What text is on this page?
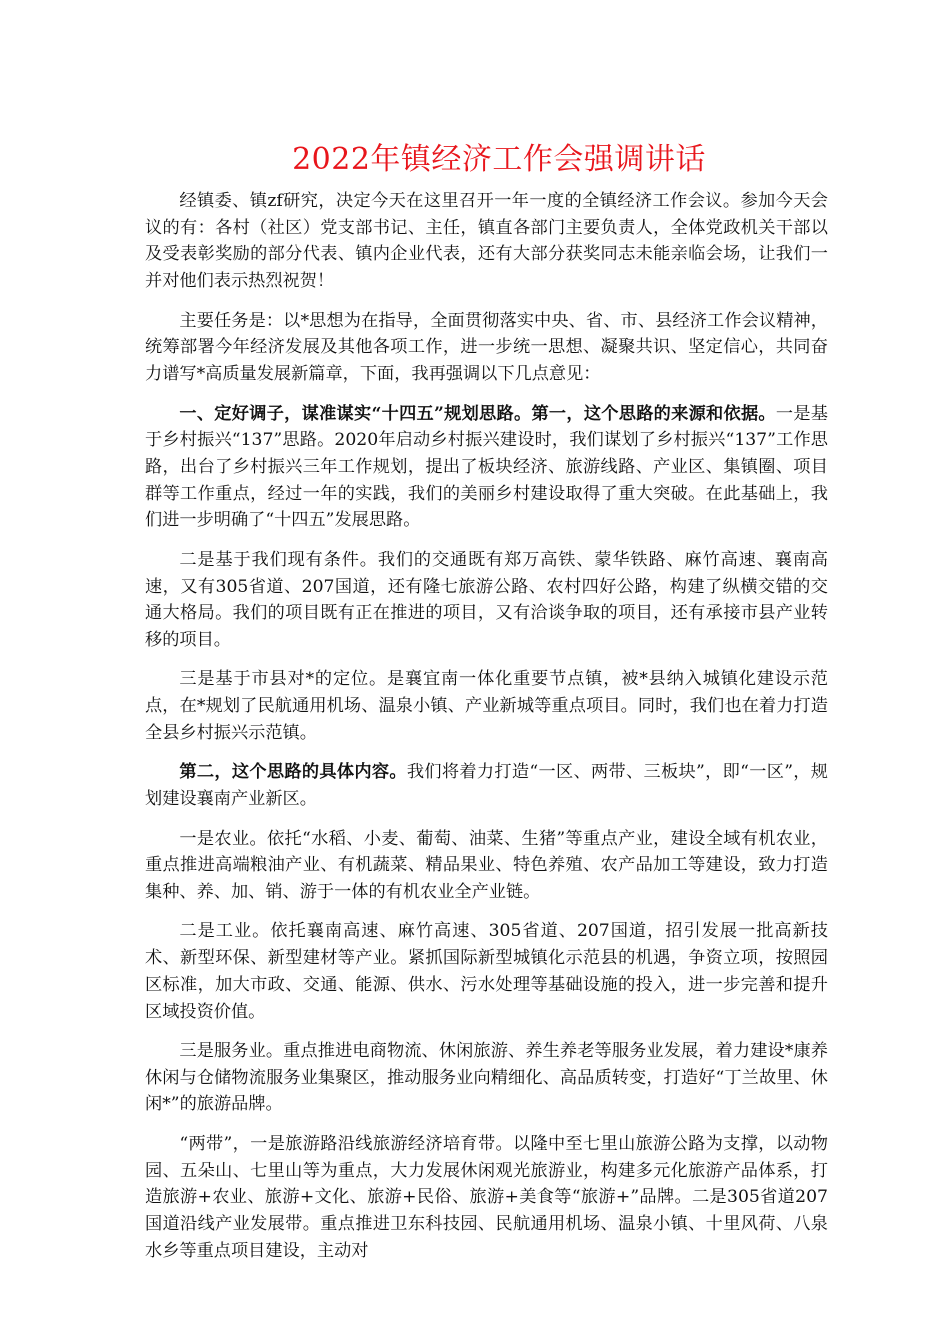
2022年镇经济工作会强调讲话

经镇委、镇zf研究，决定今天在这里召开一年一度的全镇经济工作会议。参加今天会议的有：各村（社区）党支部书记、主任，镇直各部门主要负责人，全体党政机关干部以及受表彰奖励的部分代表、镇内企业代表，还有大部分获奖同志未能亲临会场，让我们一并对他们表示热烈祝贺！

主要任务是：以*思想为在指导，全面贯彻落实中央、省、市、县经济工作会议精神，统筹部署今年经济发展及其他各项工作，进一步统一思想、凝聚共识、坚定信心，共同奋力谱写*高质量发展新篇章，下面，我再强调以下几点意见：

一、定好调子，谋准谋实“十四五”规划思路。第一，这个思路的来源和依据。一是基于乡村振兴“137”思路。2020年启动乡村振兴建设时，我们谋划了乡村振兴“137”工作思路，出台了乡村振兴三年工作规划，提出了板块经济、旅游线路、产业区、集镇圈、项目群等工作重点，经过一年的实践，我们的美丽乡村建设取得了重大突破。在此基础上，我们进一步明确了“十四五”发展思路。

二是基于我们现有条件。我们的交通既有郑万高铁、蒙华铁路、麻竹高速、襄南高速，又有305省道、207国道，还有隆七旅游公路、农村四好公路，构建了纵横交错的交通大格局。我们的项目既有正在推进的项目，又有洽谈争取的项目，还有承接市县产业转移的项目。

三是基于市县对*的定位。是襄宜南一体化重要节点镇，被*县纳入城镇化建设示范点，在*规划了民航通用机场、温泉小镇、产业新城等重点项目。同时，我们也在着力打造全县乡村振兴示范镇。

第二，这个思路的具体内容。我们将着力打造“一区、两带、三板块”，即“一区”，规划建设襄南产业新区。

一是农业。依托“水稻、小麦、葡萄、油菜、生猪”等重点产业，建设全域有机农业，重点推进高端粮油产业、有机蔬菜、精品果业、特色养殖、农产品加工等建设，致力打造集种、养、加、销、游于一体的有机农业全产业链。

二是工业。依托襄南高速、麻竹高速、305省道、207国道，招引发展一批高新技术、新型环保、新型建材等产业。紧抓国际新型城镇化示范县的机遇，争资立项，按照园区标准，加大市政、交通、能源、供水、污水处理等基础设施的投入，进一步完善和提升区域投资价值。

三是服务业。重点推进电商物流、休闲旅游、养生养老等服务业发展，着力建设*康养休闲与仓储物流服务业集聚区，推动服务业向精细化、高品质转变，打造好“丁兰故里、休闲*”的旅游品牌。

“两带”，一是旅游路沿线旅游经济培育带。以隆中至七里山旅游公路为支撑，以动物园、五朵山、七里山等为重点，大力发展休闲观光旅游业，构建多元化旅游产品体系，打造旅游+农业、旅游+文化、旅游+民俗、旅游+美食等“旅游+”品牌。二是305省道207国道沿线产业发展带。重点推进卫东科技园、民航通用机场、温泉小镇、十里风荷、八泉水乡等重点项目建设，主动对
